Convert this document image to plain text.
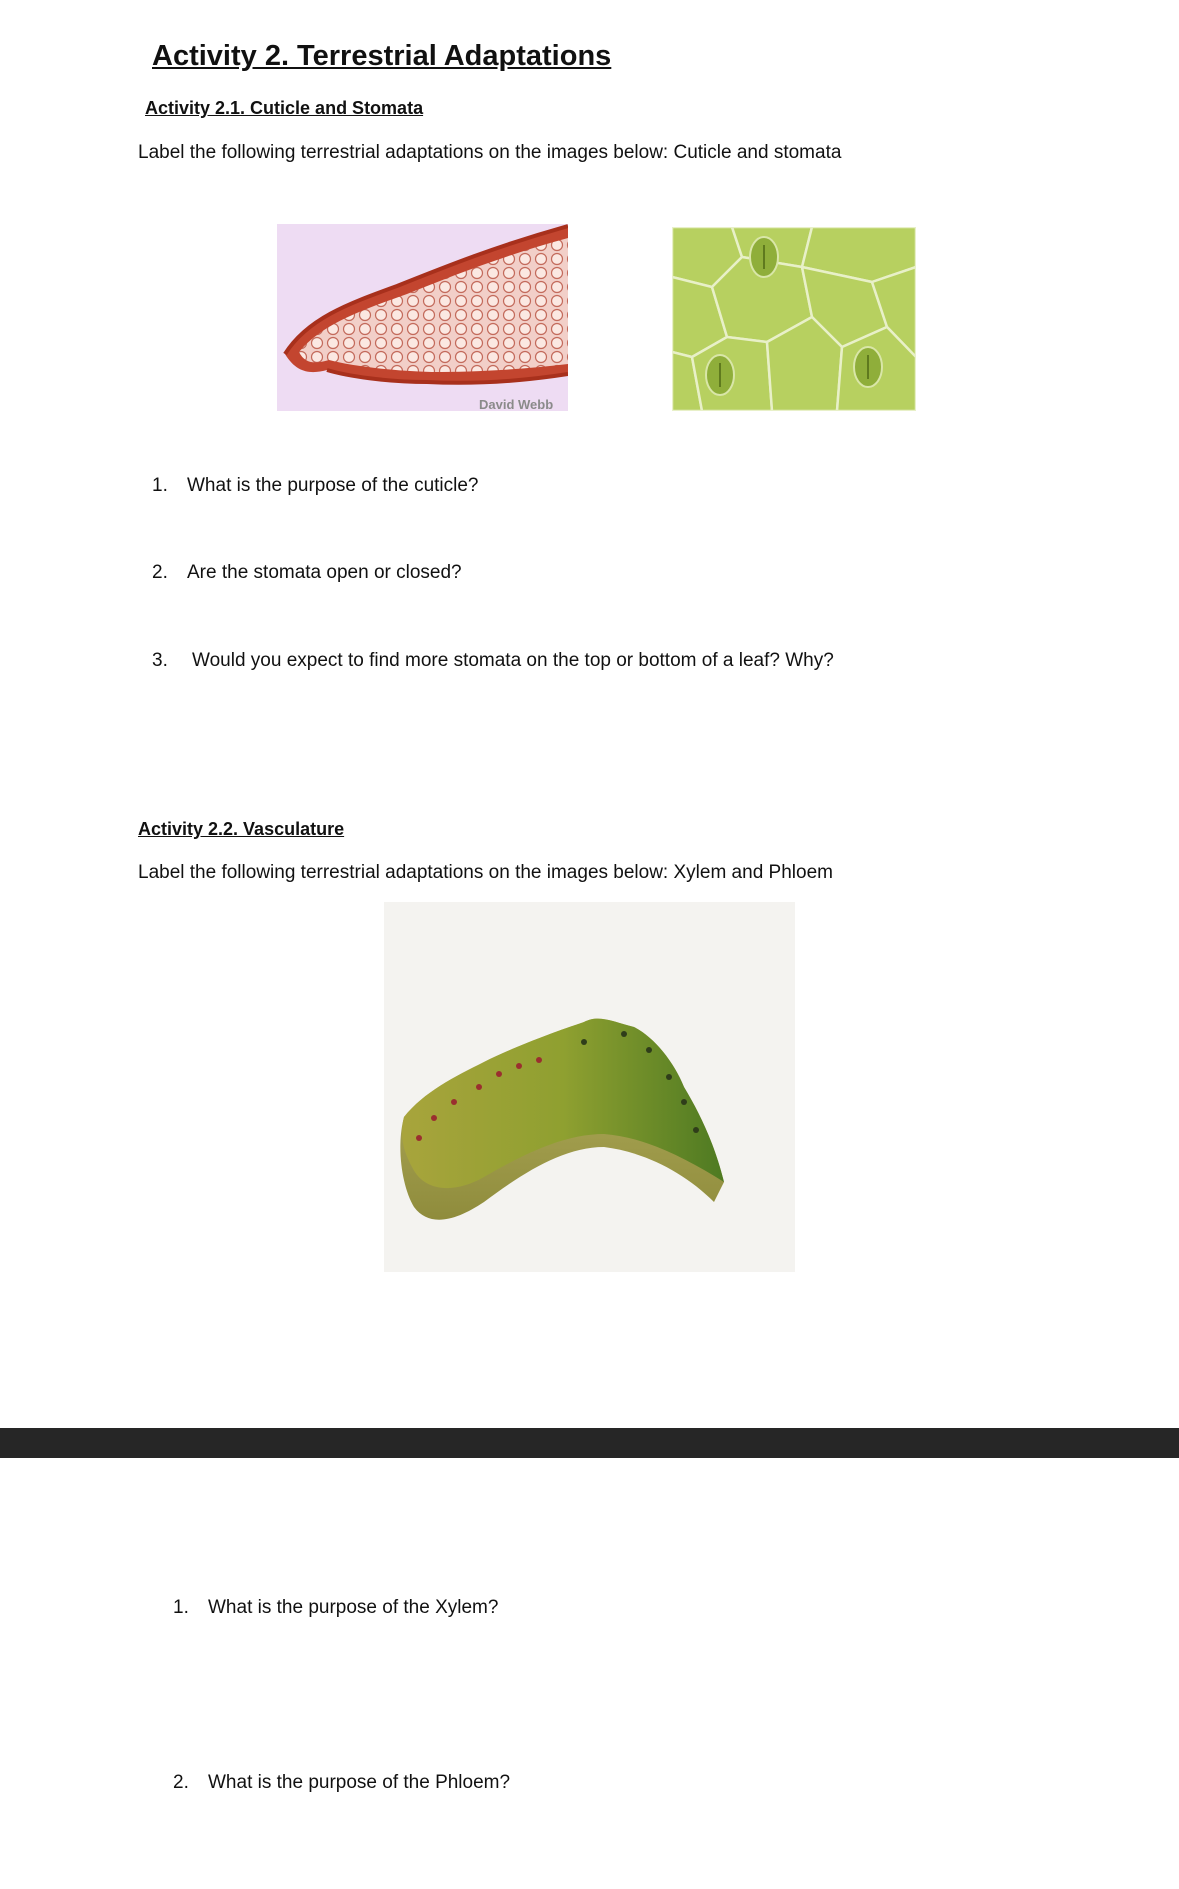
Activity 2. Terrestrial Adaptations
Activity 2.1. Cuticle and Stomata
Label the following terrestrial adaptations on the images below: Cuticle and stomata
David Webb
1. What is the purpose of the cuticle?
2. Are the stomata open or closed?
3. Would you expect to find more stomata on the top or bottom of a leaf? Why?
Activity 2.2. Vasculature
Label the following terrestrial adaptations on the images below: Xylem and Phloem
1. What is the purpose of the Xylem?
2. What is the purpose of the Phloem?
